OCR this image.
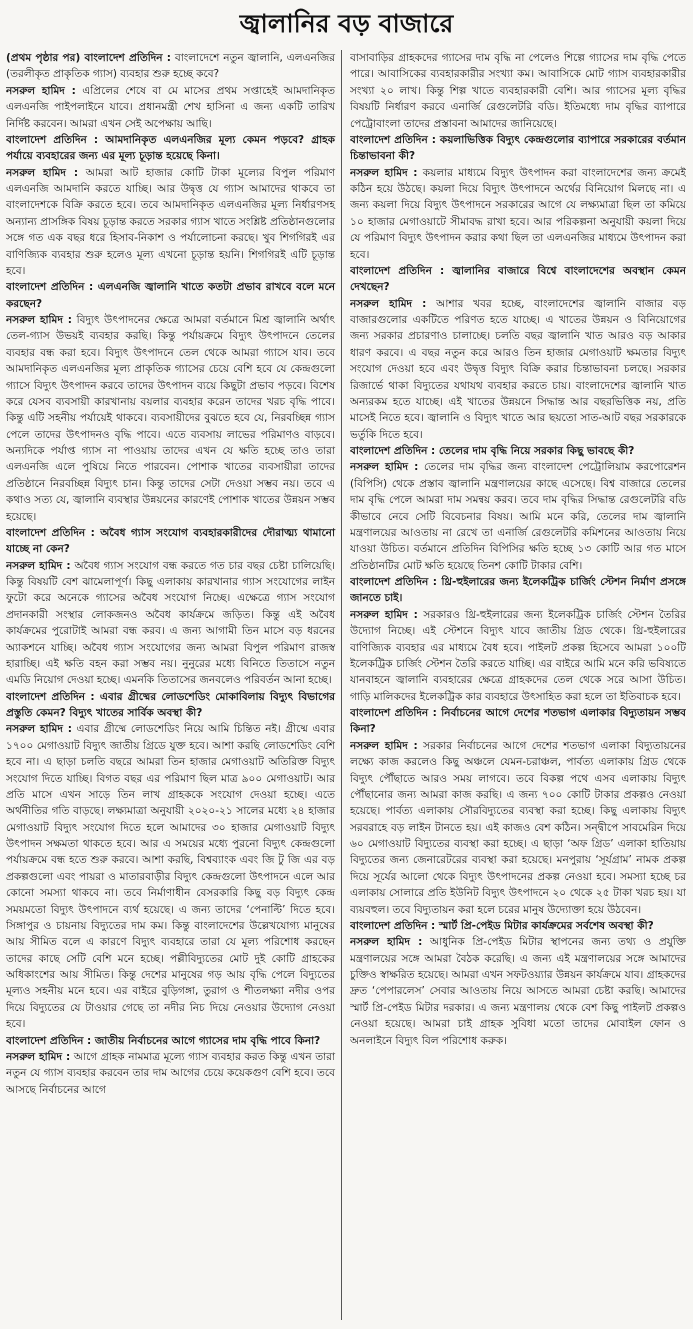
জ্বালানির বড় বাজারে

(প্রথম পৃষ্ঠার পর) বাংলাদেশ প্রতিদিন : বাংলাদেশে নতুন জ্বালানি, এলএনজির (তরলীকৃত প্রাকৃতিক গ্যাস) ব্যবহার শুরু হচ্ছে কবে?

নসরুল হামিদ : এপ্রিলের শেষে বা মে মাসের প্রথম সপ্তাহেই আমদানিকৃত এলএনজি পাইপলাইনে যাবে। প্রধানমন্ত্রী শেখ হাসিনা এ জন্য একটি তারিখ নির্দিষ্ট করবেন। আমরা এখন সেই অপেক্ষায় আছি।

বাংলাদেশ প্রতিদিন : আমদানিকৃত এলএনজির মূল্য কেমন পড়বে? গ্রাহক পর্যায়ে ব্যবহারের জন্য এর মূল্য চূড়ান্ত হয়েছে কিনা।

নসরুল হামিদ : আমরা আট হাজার কোটি টাকা মূল্যের বিপুল পরিমাণ এলএনজি আমদানি করতে যাচ্ছি। আর উদ্বৃত্ত যে গ্যাস আমাদের থাকবে তা বাংলাদেশকে বিক্রি করতে হবে। তবে আমদানিকৃত এলএনজির মূল্য নির্ধারণসহ অন্যান্য প্রাসঙ্গিক বিষয় চূড়ান্ত করতে সরকার গ্যাস খাতে সংশ্লিষ্ট প্রতিষ্ঠানগুলোর সঙ্গে গত এক বছর ধরে হিসাব-নিকাশ ও পর্যালোচনা করছে। খুব শিগগিরই এর বাণিজ্যিক ব্যবহার শুরু হলেও মূল্য এখনো চূড়ান্ত হয়নি। শিগগিরই এটি চূড়ান্ত হবে।

বাংলাদেশ প্রতিদিন : এলএনজি জ্বালানি খাতে কতটা প্রভাব রাখবে বলে মনে করছেন?

নসরুল হামিদ : বিদ্যুৎ উৎপাদনের ক্ষেত্রে আমরা বর্তমানে মিশ্র জ্বালানি অর্থাৎ তেল-গ্যাস উভয়ই ব্যবহার করছি। কিন্তু পর্যায়ক্রমে বিদ্যুৎ উৎপাদনে তেলের ব্যবহার বন্ধ করা হবে। বিদ্যুৎ উৎপাদনে তেল থেকে আমরা গ্যাসে যাব। তবে আমদানিকৃত এলএনজির মূল্য প্রাকৃতিক গ্যাসের চেয়ে বেশি হবে যে কেন্দ্রগুলো গ্যাসে বিদ্যুৎ উৎপাদন করবে তাদের উৎপাদন ব্যয়ে কিছুটা প্রভাব পড়বে। বিশেষ করে যেসব ব্যবসায়ী কারখানায় বয়লার ব্যবহার করেন তাদের খরচ বৃদ্ধি পাবে। কিন্তু এটি সহনীয় পর্যায়েই থাকবে। ব্যবসায়ীদের বুঝতে হবে যে, নিরবচ্ছিন্ন গ্যাস পেলে তাদের উৎপাদনও বৃদ্ধি পাবে। এতে ব্যবসায় লাভের পরিমাণও বাড়বে। অন্যদিকে পর্যাপ্ত গ্যাস না পাওয়ায় তাদের এখন যে ক্ষতি হচ্ছে তাও তারা এলএনজি এলে পুষিয়ে নিতে পারবেন। পোশাক খাতের ব্যবসায়ীরা তাদের প্রতিষ্ঠানে নিরবচ্ছিন্ন বিদ্যুৎ চান। কিন্তু তাদের সেটা দেওয়া সম্ভব নয়। তবে এ কথাও সত্য যে, জ্বালানি ব্যবস্থার উন্নয়নের কারণেই পোশাক খাতের উন্নয়ন সম্ভব হয়েছে।

বাংলাদেশ প্রতিদিন : অবৈধ গ্যাস সংযোগ ব্যবহারকারীদের দৌরাত্ম্য থামানো যাচ্ছে না কেন?

নসরুল হামিদ : অবৈধ গ্যাস সংযোগ বন্ধ করতে গত চার বছর চেষ্টা চালিয়েছি। কিন্তু বিষয়টি বেশ ঝামেলাপূর্ণ। কিছু এলাকায় কারখানার গ্যাস সংযোগের লাইন ফুটো করে অনেকে গ্যাসের অবৈধ সংযোগ নিচ্ছে। এক্ষেত্রে গ্যাস সংযোগ প্রদানকারী সংস্থার লোকজনও অবৈধ কার্যক্রমে জড়িত। কিন্তু এই অবৈধ কার্যক্রমের পুরোটাই আমরা বন্ধ করব। এ জন্য আগামী তিন মাসে বড় ধরনের অ্যাকশনে যাচ্ছি। অবৈধ গ্যাস সংযোগের জন্য আমরা বিপুল পরিমাণ রাজস্ব হারাচ্ছি। এই ক্ষতি বহন করা সম্ভব নয়। নুনুরের মধ্যে বিনিতে তিতাসে নতুন এমডি নিয়োগ দেওয়া হচ্ছে। এমনকি তিতাসের জনবলেও পরিবর্তন আনা হচ্ছে।

বাংলাদেশ প্রতিদিন : এবার গ্রীষ্মের লোডশেডিং মোকাবিলায় বিদ্যুৎ বিভাগের প্রস্তুতি কেমন? বিদ্যুৎ খাতের সার্বিক অবস্থা কী?

নসরুল হামিদ : এবার গ্রীষ্মে লোডশেডিং নিয়ে আমি চিন্তিত নই। গ্রীষ্মে এবার ১৭০০ মেগাওয়াট বিদ্যুৎ জাতীয় গ্রিডে যুক্ত হবে। আশা করছি লোডশেডিং বেশি হবে না। এ ছাড়া চলতি বছরে আমরা তিন হাজার মেগাওয়াট অতিরিক্ত বিদ্যুৎ সংযোগ দিতে যাচ্ছি। বিগত বছর এর পরিমাণ ছিল মাত্র ৯০০ মেগাওয়াট। আর প্রতি মাসে এখন সাড়ে তিন লাখ গ্রাহককে সংযোগ দেওয়া হচ্ছে। এতে অর্থনীতির গতি বাড়ছে। লক্ষ্যমাত্রা অনুযায়ী ২০২০-২১ সালের মধ্যে ২৪ হাজার মেগাওয়াট বিদ্যুৎ সংযোগ দিতে হলে আমাদের ৩০ হাজার মেগাওয়াট বিদ্যুৎ উৎপাদন সক্ষমতা থাকতে হবে। আর এ সময়ের মধ্যে পুরনো বিদ্যুৎ কেন্দ্রগুলো পর্যায়ক্রমে বন্ধ হতে শুরু করবে। আশা করছি, বিশ্বব্যাংক এবং জি টু জি এর বড় প্রকল্পগুলো এবং পায়রা ও মাতারবাড়ীর বিদ্যুৎ কেন্দ্রগুলো উৎপাদনে এলে আর কোনো সমস্যা থাকবে না। তবে নির্মাণাধীন বেসরকারি কিছু বড় বিদ্যুৎ কেন্দ্র সময়মতো বিদ্যুৎ উৎপাদনে ব্যর্থ হয়েছে। এ জন্য তাদের ‘পেনাল্টি’ দিতে হবে। সিঙ্গাপুর ও চায়নায় বিদ্যুতের দাম কম। কিন্তু বাংলাদেশের উল্লেখযোগ্য মানুষের আয় সীমিত বলে এ কারণে বিদ্যুৎ ব্যবহারে তারা যে মূল্য পরিশোধ করছেন তাদের কাছে সেটি বেশি মনে হচ্ছে। পল্লীবিদ্যুতের মোট দুই কোটি গ্রাহকের অধিকাংশের আয় সীমিত। কিন্তু দেশের মানুষের গড় আয় বৃদ্ধি পেলে বিদ্যুতের মূল্যও সহনীয় মনে হবে। এর বাইরে বুড়িগঙ্গা, তুরাগ ও শীতলক্ষ্যা নদীর ওপর দিয়ে বিদ্যুতের যে টাওয়ার গেছে তা নদীর নিচ দিয়ে নেওয়ার উদ্যোগ নেওয়া হবে।

বাংলাদেশ প্রতিদিন : জাতীয় নির্বাচনের আগে গ্যাসের দাম বৃদ্ধি পাবে কিনা?

নসরুল হামিদ : আগে গ্রাহক নামমাত্র মূল্যে গ্যাস ব্যবহার করত কিন্তু এখন তারা নতুন যে গ্যাস ব্যবহার করবেন তার দাম আগের চেয়ে কয়েকগুণ বেশি হবে। তবে আসছে নির্বাচনের আগে

বাসাবাড়ির গ্রাহকদের গ্যাসের দাম বৃদ্ধি না পেলেও শিল্পে গ্যাসের দাম বৃদ্ধি পেতে পারে। আবাসিকের ব্যবহারকারীর সংখ্যা কম। আবাসিকে মোট গ্যাস ব্যবহারকারীর সংখ্যা ২০ লাখ। কিন্তু শিল্প খাতে ব্যবহারকারী বেশি। আর গ্যাসের মূল্য বৃদ্ধির বিষয়টি নির্ধারণ করবে এনার্জি রেগুলেটরি বডি। ইতিমধ্যে দাম বৃদ্ধির ব্যাপারে পেট্রোবাংলা তাদের প্রস্তাবনা আমাদের জানিয়েছে।

বাংলাদেশ প্রতিদিন : কয়লাভিত্তিক বিদ্যুৎ কেন্দ্রগুলোর ব্যাপারে সরকারের বর্তমান চিন্তাভাবনা কী?

নসরুল হামিদ : কয়লার মাধ্যমে বিদ্যুৎ উৎপাদন করা বাংলাদেশের জন্য ক্রমেই কঠিন হয়ে উঠছে। কয়লা দিয়ে বিদ্যুৎ উৎপাদনে অর্থের বিনিয়োগ মিলছে না। এ জন্য কয়লা দিয়ে বিদ্যুৎ উৎপাদনে সরকারের আগে যে লক্ষ্যমাত্রা ছিল তা কমিয়ে ১০ হাজার মেগাওয়াটে সীমাবদ্ধ রাখা হবে। আর পরিকল্পনা অনুযায়ী কয়লা দিয়ে যে পরিমাণ বিদ্যুৎ উৎপাদন করার কথা ছিল তা এলএনজির মাধ্যমে উৎপাদন করা হবে।

বাংলাদেশ প্রতিদিন : জ্বালানির বাজারে বিশ্বে বাংলাদেশের অবস্থান কেমন দেখছেন?

নসরুল হামিদ : আশার খবর হচ্ছে, বাংলাদেশের জ্বালানি বাজার বড় বাজারগুলোর একটিতে পরিণত হতে যাচ্ছে। এ খাতের উন্নয়ন ও বিনিয়োগের জন্য সরকার প্রচারণাও চালাচ্ছে। চলতি বছর জ্বালানি খাত আরও বড় আকার ধারণ করবে। এ বছর নতুন করে আরও তিন হাজার মেগাওয়াট ক্ষমতার বিদ্যুৎ সংযোগ দেওয়া হবে এবং উদ্বৃত্ত বিদ্যুৎ বিক্রি করার চিন্তাভাবনা চলছে। সরকার রিজার্ভে থাকা বিদ্যুতের যথাযথ ব্যবহার করতে চায়। বাংলাদেশের জ্বালানি খাত অন্যরকম হতে যাচ্ছে। এই খাতের উন্নয়নে সিদ্ধান্ত আর বছরভিত্তিক নয়, প্রতি মাসেই নিতে হবে। জ্বালানি ও বিদ্যুৎ খাতে আর ছয়তো সাত-আট বছর সরকারকে ভর্তুকি দিতে হবে।

বাংলাদেশ প্রতিদিন : তেলের দাম বৃদ্ধি নিয়ে সরকার কিছু ভাবছে কী?

নসরুল হামিদ : তেলের দাম বৃদ্ধির জন্য বাংলাদেশ পেট্রোলিয়াম করপোরেশন (বিপিসি) থেকে প্রস্তাব জ্বালানি মন্ত্রণালয়ের কাছে এসেছে। বিশ্ব বাজারে তেলের দাম বৃদ্ধি পেলে আমরা দাম সমন্বয় করব। তবে দাম বৃদ্ধির সিদ্ধান্ত রেগুলেটরি বডি কীভাবে নেবে সেটি বিবেচনার বিষয়। আমি মনে করি, তেলের দাম জ্বালানি মন্ত্রণালয়ের আওতায় না রেখে তা এনার্জি রেগুলেটরি কমিশনের আওতায় নিয়ে যাওয়া উচিত। বর্তমানে প্রতিদিন বিপিসির ক্ষতি হচ্ছে ১৩ কোটি আর গত মাসে প্রতিষ্ঠানটির মোট ক্ষতি হয়েছে তিনশ কোটি টাকার বেশি।

বাংলাদেশ প্রতিদিন : থ্রি-হুইলারের জন্য ইলেকট্রিক চার্জিং স্টেশন নির্মাণ প্রসঙ্গে জানতে চাই।

নসরুল হামিদ : সরকারও থ্রি-হুইলারের জন্য ইলেকট্রিক চার্জিং স্টেশন তৈরির উদ্যোগ নিচ্ছে। এই স্টেশনে বিদ্যুৎ যাবে জাতীয় গ্রিড থেকে। থ্রি-হুইলারের বাণিজ্যিক ব্যবহার এর মাধ্যমে বৈধ হবে। পাইলট প্রকল্প হিসেবে আমরা ১০০টি ইলেকট্রিক চার্জিং স্টেশন তৈরি করতে যাচ্ছি। এর বাইরে আমি মনে করি ভবিষ্যতে যানবাহনে জ্বালানি ব্যবহারের ক্ষেত্রে গ্রাহকদের তেল থেকে সরে আসা উচিত। গাড়ি মালিকদের ইলেকট্রিক কার ব্যবহারে উৎসাহিত করা হলে তা ইতিবাচক হবে।

বাংলাদেশ প্রতিদিন : নির্বাচনের আগে দেশের শতভাগ এলাকার বিদ্যুতায়ন সম্ভব কিনা?

নসরুল হামিদ : সরকার নির্বাচনের আগে দেশের শতভাগ এলাকা বিদ্যুতায়নের লক্ষ্যে কাজ করলেও কিছু অঞ্চলে যেমন-চরাঞ্চল, পার্বত্য এলাকায় গ্রিড থেকে বিদ্যুৎ পৌঁছাতে আরও সময় লাগবে। তবে বিকল্প পথে এসব এলাকায় বিদ্যুৎ পৌঁছানোর জন্য আমরা কাজ করছি। এ জন্য ৭০০ কোটি টাকার প্রকল্পও নেওয়া হয়েছে। পার্বত্য এলাকায় সৌরবিদ্যুতের ব্যবস্থা করা হচ্ছে। কিছু এলাকায় বিদ্যুৎ সরবরাহে বড় লাইন টানতে হয়। এই কাজও বেশ কঠিন। সন্দ্বীপে সাবমেরিন দিয়ে ৬০ মেগাওয়াট বিদ্যুতের ব্যবস্থা করা হচ্ছে। এ ছাড়া ‘অফ গ্রিড’ এলাকা হাতিয়ায় বিদ্যুতের জন্য জেনারেটরের ব্যবস্থা করা হয়েছে। মনপুরায় ‘সূর্যগ্রাম’ নামক প্রকল্প দিয়ে সূর্যের আলো থেকে বিদ্যুৎ উৎপাদনের প্রকল্প নেওয়া হবে। সমস্যা হচ্ছে চর এলাকায় সোলারে প্রতি ইউনিট বিদ্যুৎ উৎপাদনে ২০ থেকে ২৫ টাকা খরচ হয়। যা ব্যয়বহুল। তবে বিদ্যুতায়ন করা হলে চরের মানুষ উদ্যোক্তা হয়ে উঠবেন।

বাংলাদেশ প্রতিদিন : স্মার্ট প্রি-পেইড মিটার কার্যক্রমের সর্বশেষ অবস্থা কী?

নসরুল হামিদ : আধুনিক প্রি-পেইড মিটার স্থাপনের জন্য তথ্য ও প্রযুক্তি মন্ত্রণালয়ের সঙ্গে আমরা বৈঠক করেছি। এ জন্য এই মন্ত্রণালয়ের সঙ্গে আমাদের চুক্তিও স্বাক্ষরিত হয়েছে। আমরা এখন সফটওয়্যার উন্নয়ন কার্যক্রমে যাব। গ্রাহকদের দ্রুত ‘পেপারলেস’ সেবার আওতায় নিয়ে আসতে আমরা চেষ্টা করছি। আমাদের স্মার্ট প্রি-পেইড মিটার দরকার। এ জন্য মন্ত্রণালয় থেকে বেশ কিছু পাইলট প্রকল্পও নেওয়া হয়েছে। আমরা চাই গ্রাহক সুবিধা মতো তাদের মোবাইল ফোন ও অনলাইনে বিদ্যুৎ বিল পরিশোধ করুক।
